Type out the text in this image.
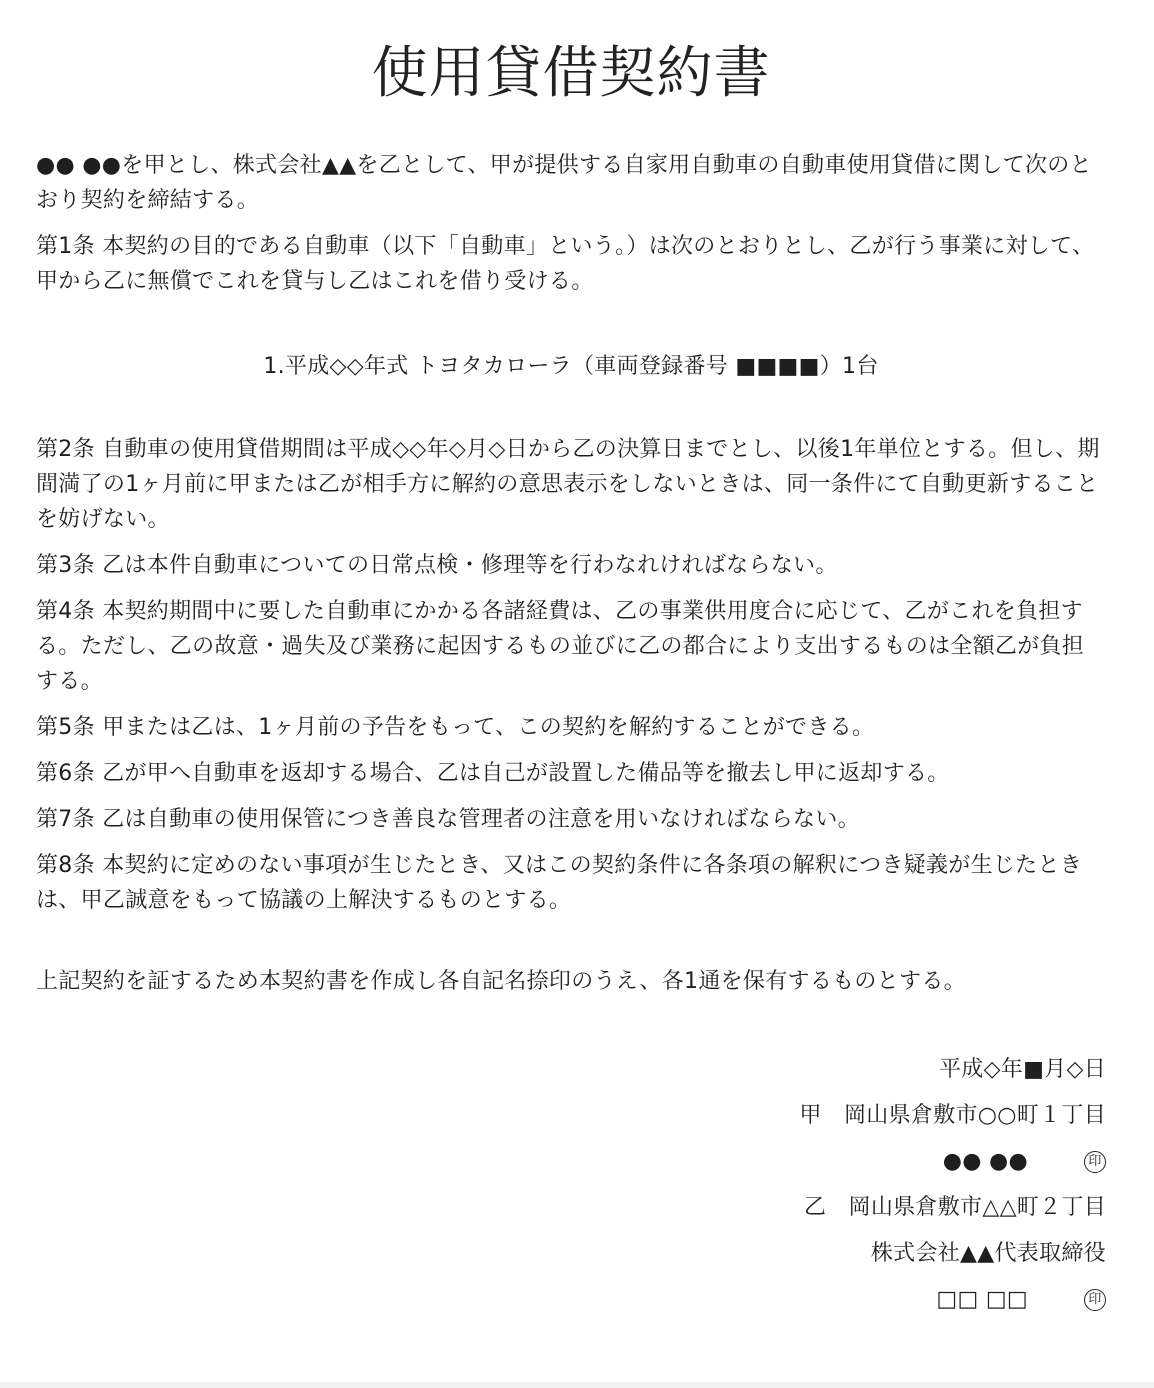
使用貸借契約書

●● ●●を甲とし、株式会社▲▲を乙として、甲が提供する自家用自動車の自動車使用貸借に関して次のとおり契約を締結する。

第1条 本契約の目的である自動車（以下「自動車」という。）は次のとおりとし、乙が行う事業に対して、甲から乙に無償でこれを貸与し乙はこれを借り受ける。

1.平成◇◇年式 トヨタカローラ（車両登録番号 ■■■■）1台

第2条 自動車の使用貸借期間は平成◇◇年◇月◇日から乙の決算日までとし、以後1年単位とする。但し、期間満了の1ヶ月前に甲または乙が相手方に解約の意思表示をしないときは、同一条件にて自動更新することを妨げない。

第3条 乙は本件自動車についての日常点検・修理等を行わなれければならない。

第4条 本契約期間中に要した自動車にかかる各諸経費は、乙の事業供用度合に応じて、乙がこれを負担する。ただし、乙の故意・過失及び業務に起因するもの並びに乙の都合により支出するものは全額乙が負担する。

第5条 甲または乙は、1ヶ月前の予告をもって、この契約を解約することができる。

第6条 乙が甲へ自動車を返却する場合、乙は自己が設置した備品等を撤去し甲に返却する。

第7条 乙は自動車の使用保管につき善良な管理者の注意を用いなければならない。

第8条 本契約に定めのない事項が生じたとき、又はこの契約条件に各条項の解釈につき疑義が生じたときは、甲乙誠意をもって協議の上解決するものとする。

上記契約を証するため本契約書を作成し各自記名捺印のうえ、各1通を保有するものとする。

平成◇年■月◇日
甲　岡山県倉敷市○○町１丁目
●● ●●	印
乙　岡山県倉敷市△△町２丁目
株式会社▲▲代表取締役
□□ □□	印
